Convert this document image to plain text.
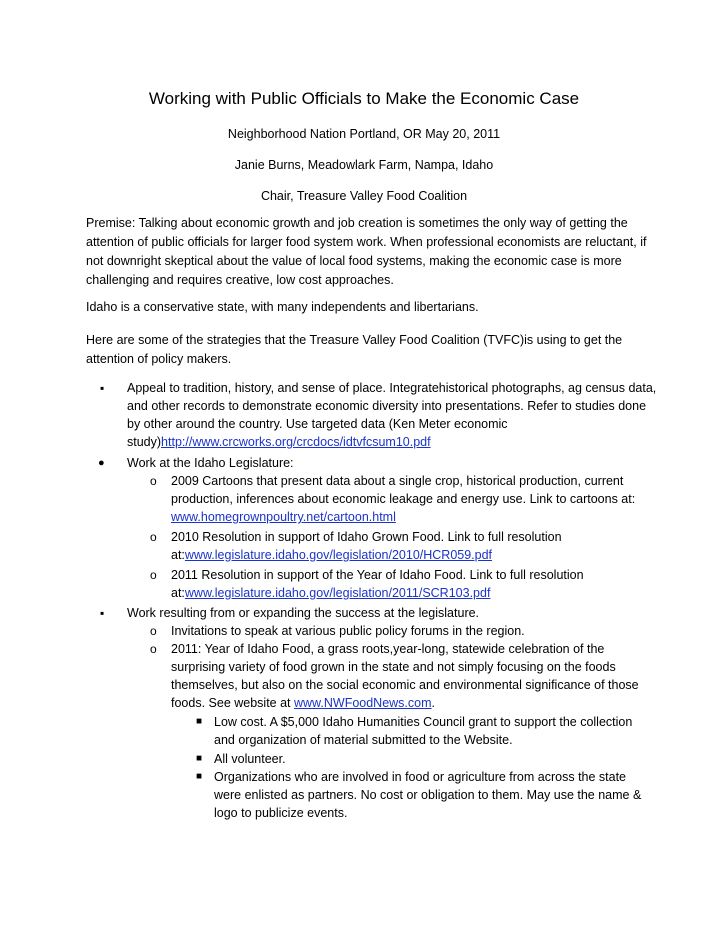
Working with Public Officials to Make the Economic Case
Neighborhood Nation Portland, OR May 20, 2011
Janie Burns, Meadowlark Farm, Nampa, Idaho
Chair, Treasure Valley Food Coalition
Premise: Talking about economic growth and job creation is sometimes the only way of getting the
attention of public officials for larger food system work. When professional economists are reluctant, if
not downright skeptical about the value of local food systems, making the economic case is more
challenging and requires creative, low cost approaches.
Idaho is a conservative state, with many independents and libertarians.
Here are some of the strategies that the Treasure Valley Food Coalition (TVFC)is using to get the
attention of policy makers.
▪ Appeal to tradition, history, and sense of place. Integratehistorical photographs, ag census data,
and other records to demonstrate economic diversity into presentations. Refer to studies done
by other around the country. Use targeted data (Ken Meter economic
study)http://www.crcworks.org/crcdocs/idtvfcsum10.pdf
● Work at the Idaho Legislature:
o 2009 Cartoons that present data about a single crop, historical production, current
production, inferences about economic leakage and energy use. Link to cartoons at:
www.homegrownpoultry.net/cartoon.html
o 2010 Resolution in support of Idaho Grown Food. Link to full resolution
at:www.legislature.idaho.gov/legislation/2010/HCR059.pdf
o 2011 Resolution in support of the Year of Idaho Food. Link to full resolution
at:www.legislature.idaho.gov/legislation/2011/SCR103.pdf
▪ Work resulting from or expanding the success at the legislature.
o Invitations to speak at various public policy forums in the region.
o 2011: Year of Idaho Food, a grass roots,year-long, statewide celebration of the
surprising variety of food grown in the state and not simply focusing on the foods
themselves, but also on the social economic and environmental significance of those
foods. See website at www.NWFoodNews.com.
■ Low cost. A $5,000 Idaho Humanities Council grant to support the collection
and organization of material submitted to the Website.
■ All volunteer.
■ Organizations who are involved in food or agriculture from across the state
were enlisted as partners. No cost or obligation to them. May use the name &
logo to publicize events.
